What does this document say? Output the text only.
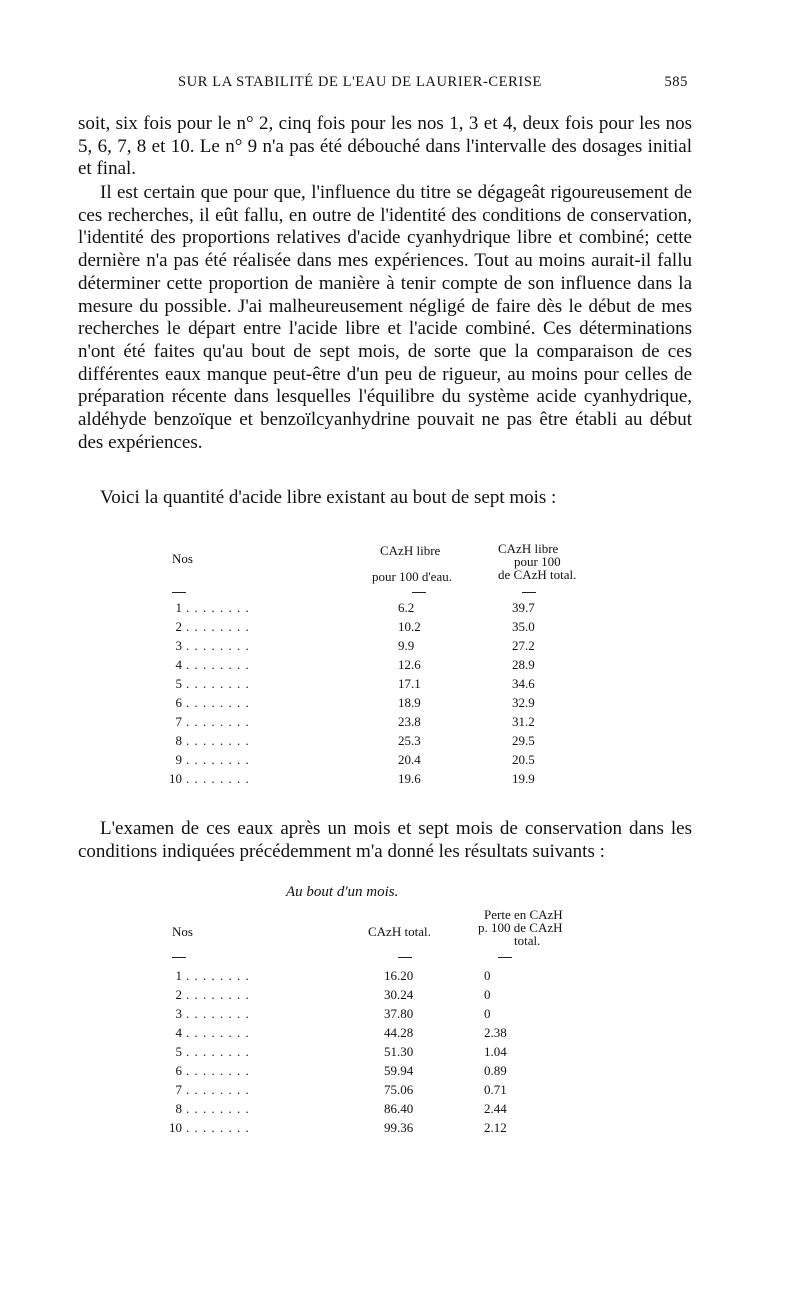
SUR LA STABILITÉ DE L'EAU DE LAURIER-CERISE	585

soit, six fois pour le n° 2, cinq fois pour les nos 1, 3 et 4, deux fois pour les nos 5, 6, 7, 8 et 10. Le n° 9 n'a pas été débouché dans l'intervalle des dosages initial et final.

Il est certain que pour que, l'influence du titre se dégageât rigoureusement de ces recherches, il eût fallu, en outre de l'identité des conditions de conservation, l'identité des proportions relatives d'acide cyanhydrique libre et combiné; cette dernière n'a pas été réalisée dans mes expériences. Tout au moins aurait-il fallu déterminer cette proportion de manière à tenir compte de son influence dans la mesure du possible. J'ai malheureusement négligé de faire dès le début de mes recherches le départ entre l'acide libre et l'acide combiné. Ces déterminations n'ont été faites qu'au bout de sept mois, de sorte que la comparaison de ces différentes eaux manque peut-être d'un peu de rigueur, au moins pour celles de préparation récente dans lesquelles l'équilibre du système acide cyanhydrique, aldéhyde benzoïque et benzoïlcyanhydrine pouvait ne pas être établi au début des expériences.

Voici la quantité d'acide libre existant au bout de sept mois :

Nos
CAzH libre
pour 100 d'eau.
CAzH libre
pour 100
de CAzH total.
1 . . . . . . . .	6.2	39.7
2 . . . . . . . .	10.2	35.0
3 . . . . . . . .	9.9	27.2
4 . . . . . . . .	12.6	28.9
5 . . . . . . . .	17.1	34.6
6 . . . . . . . .	18.9	32.9
7 . . . . . . . .	23.8	31.2
8 . . . . . . . .	25.3	29.5
9 . . . . . . . .	20.4	20.5
10 . . . . . . . .	19.6	19.9

L'examen de ces eaux après un mois et sept mois de conservation dans les conditions indiquées précédemment m'a donné les résultats suivants :

Au bout d'un mois.
Nos	CAzH total.
Perte en CAzH
p. 100 de CAzH
total.
1 . . . . . . . .	16.20	0
2 . . . . . . . .	30.24	0
3 . . . . . . . .	37.80	0
4 . . . . . . . .	44.28	2.38
5 . . . . . . . .	51.30	1.04
6 . . . . . . . .	59.94	0.89
7 . . . . . . . .	75.06	0.71
8 . . . . . . . .	86.40	2.44
10 . . . . . . . .	99.36	2.12
